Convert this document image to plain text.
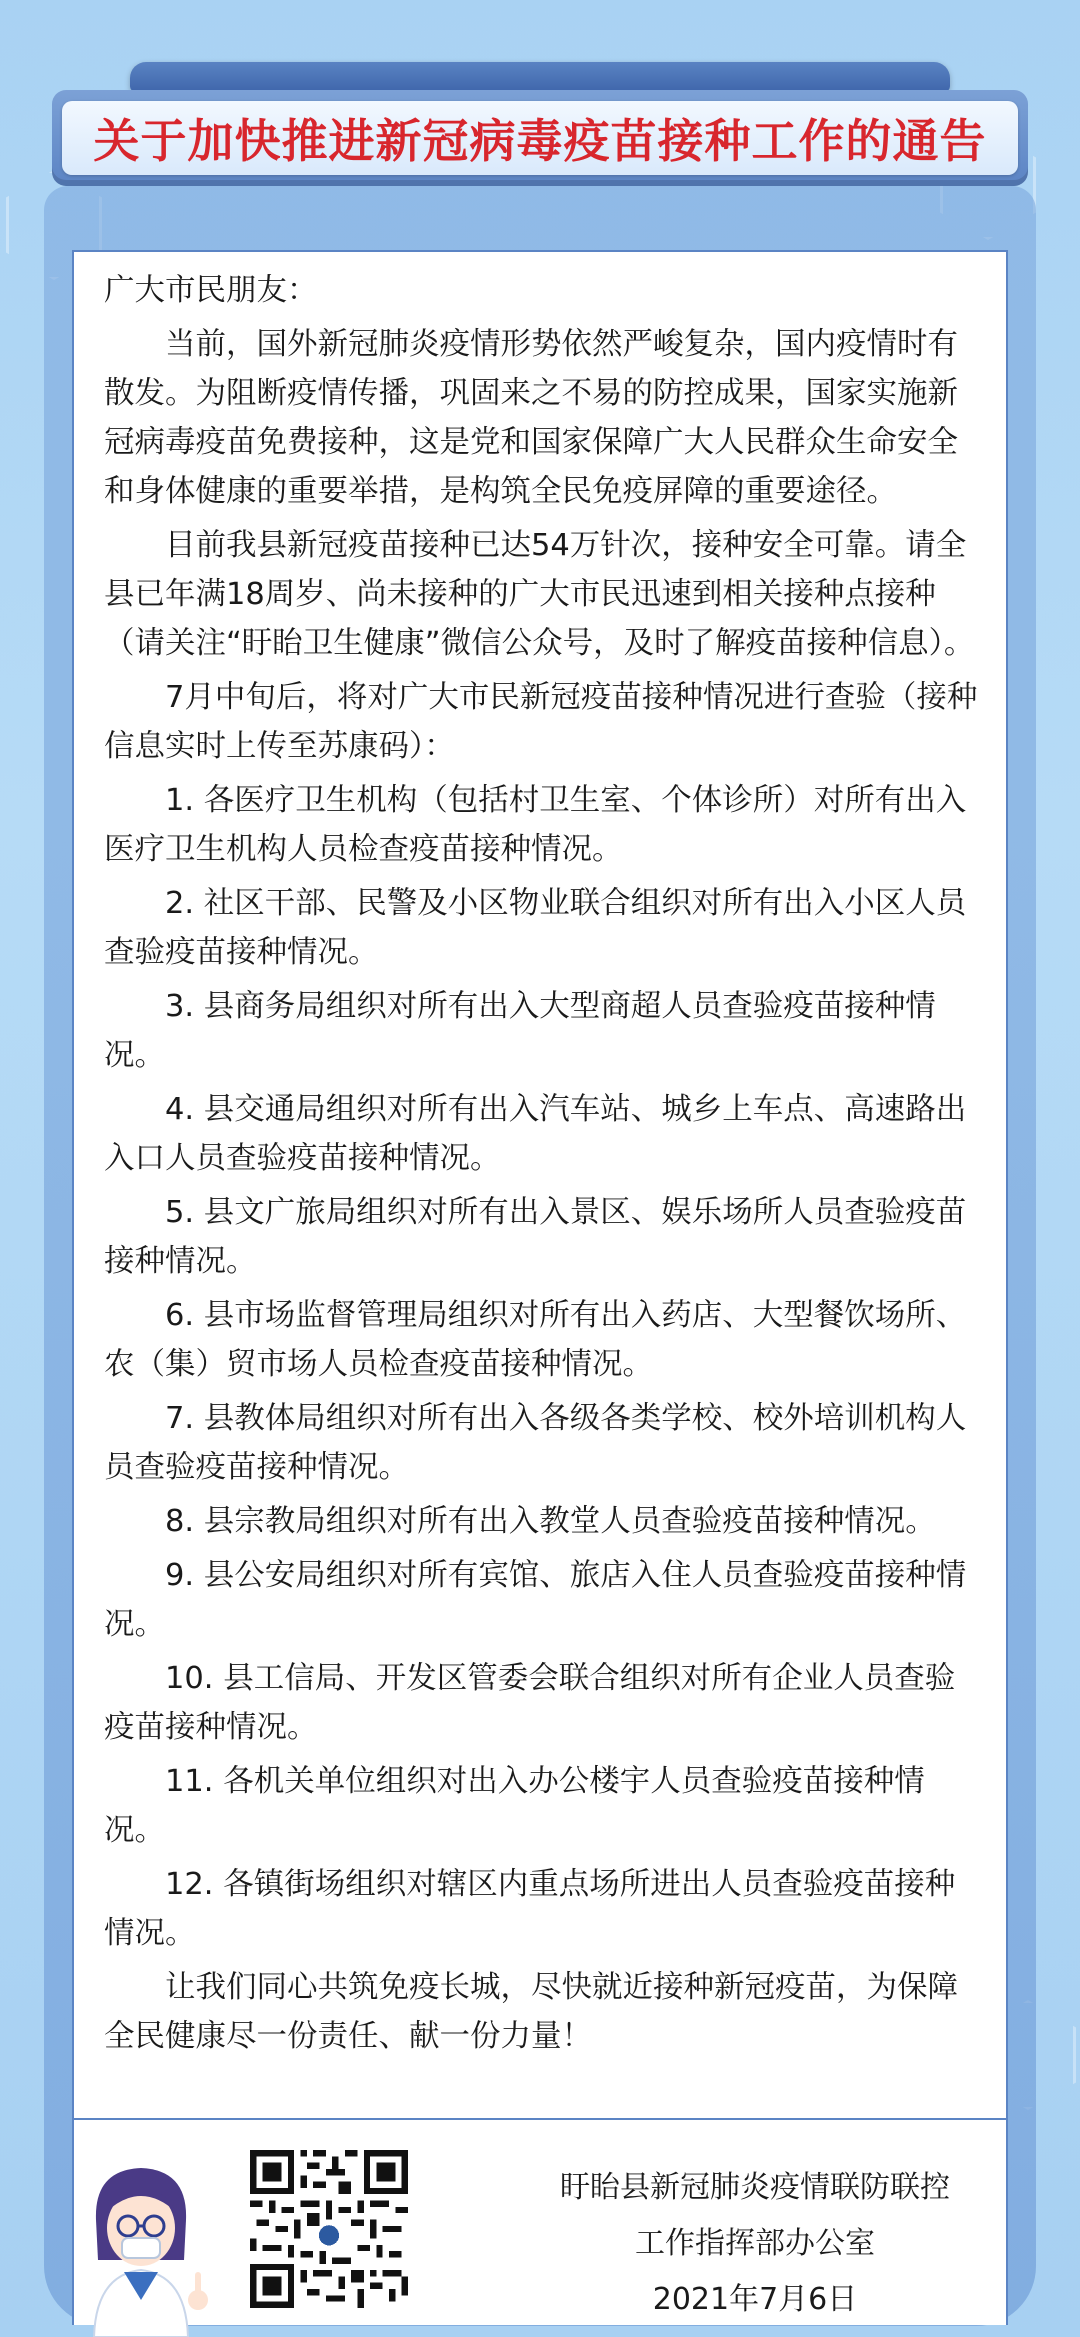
关于加快推进新冠病毒疫苗接种工作的通告

广大市民朋友：

当前，国外新冠肺炎疫情形势依然严峻复杂，国内疫情时有散发。为阻断疫情传播，巩固来之不易的防控成果，国家实施新冠病毒疫苗免费接种，这是党和国家保障广大人民群众生命安全和身体健康的重要举措，是构筑全民免疫屏障的重要途径。

目前我县新冠疫苗接种已达54万针次，接种安全可靠。请全县已年满18周岁、尚未接种的广大市民迅速到相关接种点接种（请关注“盱眙卫生健康”微信公众号，及时了解疫苗接种信息）。

7月中旬后，将对广大市民新冠疫苗接种情况进行查验（接种信息实时上传至苏康码）：

1. 各医疗卫生机构（包括村卫生室、个体诊所）对所有出入医疗卫生机构人员检查疫苗接种情况。

2. 社区干部、民警及小区物业联合组织对所有出入小区人员查验疫苗接种情况。

3. 县商务局组织对所有出入大型商超人员查验疫苗接种情况。

4. 县交通局组织对所有出入汽车站、城乡上车点、高速路出入口人员查验疫苗接种情况。

5. 县文广旅局组织对所有出入景区、娱乐场所人员查验疫苗接种情况。

6. 县市场监督管理局组织对所有出入药店、大型餐饮场所、农（集）贸市场人员检查疫苗接种情况。

7. 县教体局组织对所有出入各级各类学校、校外培训机构人员查验疫苗接种情况。

8. 县宗教局组织对所有出入教堂人员查验疫苗接种情况。

9. 县公安局组织对所有宾馆、旅店入住人员查验疫苗接种情况。

10. 县工信局、开发区管委会联合组织对所有企业人员查验疫苗接种情况。

11. 各机关单位组织对出入办公楼宇人员查验疫苗接种情况。

12. 各镇街场组织对辖区内重点场所进出人员查验疫苗接种情况。

让我们同心共筑免疫长城，尽快就近接种新冠疫苗，为保障全民健康尽一份责任、献一份力量！

盱眙县新冠肺炎疫情联防联控
工作指挥部办公室
2021年7月6日
